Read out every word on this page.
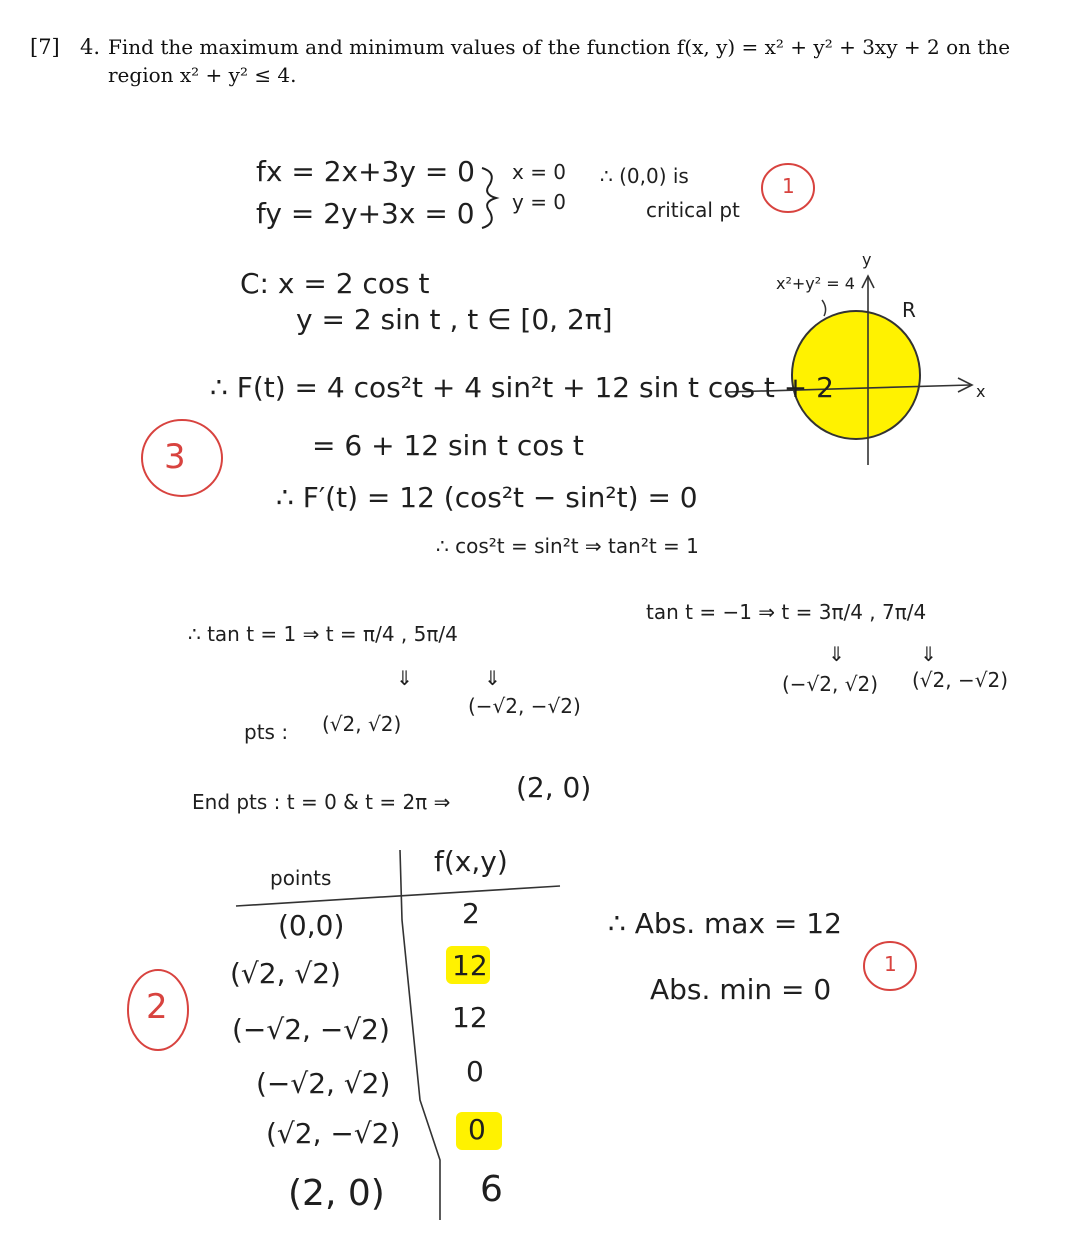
[7] 4. Find the maximum and minimum values of the function f(x, y) = x² + y² + 3xy + 2 on the
region x² + y² ≤ 4.
fx = 2x+3y = 0
fy = 2y+3x = 0
x = 0
y = 0
∴ (0,0) is
critical pt
1
C: x = 2 cos t
y = 2 sin t , t ∈ [0, 2π]
x²+y² = 4
R
y
x
∴ F(t) = 4 cos²t + 4 sin²t + 12 sin t cos t + 2
= 6 + 12 sin t cos t
3
∴ F′(t) = 12 (cos²t − sin²t) = 0
∴ cos²t = sin²t ⇒ tan²t = 1
∴ tan t = 1 ⇒ t = π/4 , 5π/4
tan t = −1 ⇒ t = 3π/4 , 7π/4
⇓	⇓
⇓	⇓
pts : (√2, √2)
(−√2, −√2)
(−√2, √2) (√2, −√2)
End pts : t = 0 & t = 2π ⇒ (2, 0)
points	f(x,y)
(0,0)	2
(√2, √2)	12
(−√2, −√2) 12
(−√2, √2)	0
(√2, −√2) 0
(2, 0)	6
2
∴ Abs. max = 12
Abs. min = 0
1
